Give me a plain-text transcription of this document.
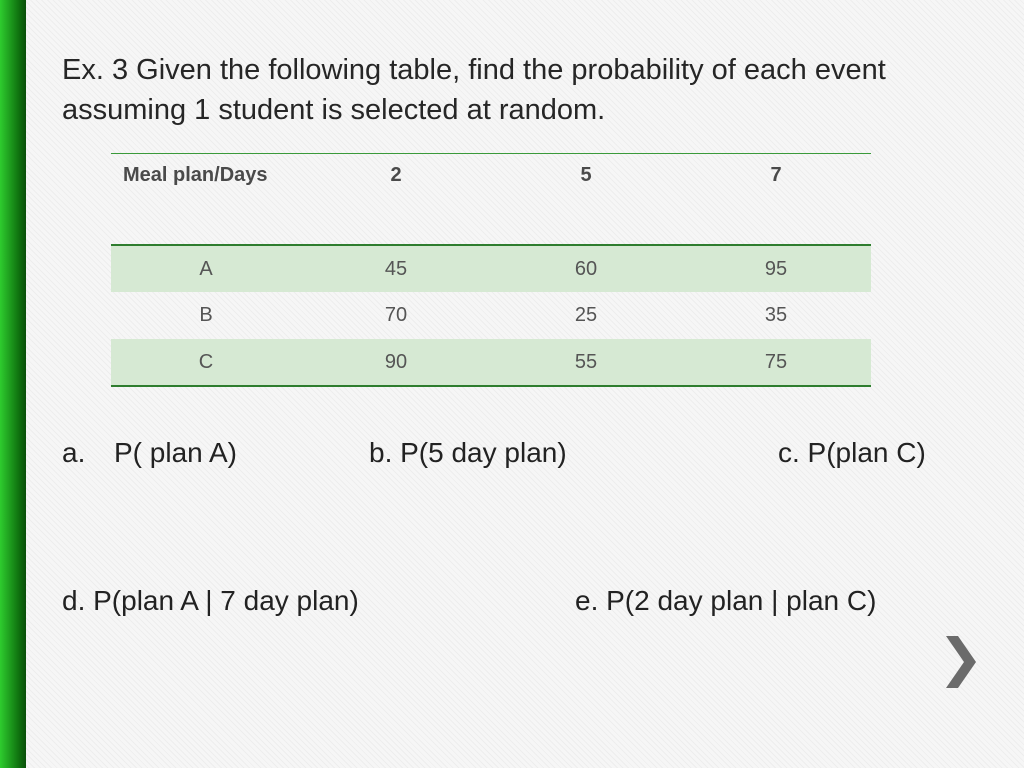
Ex. 3 Given the following table, find the probability of each event assuming 1 student is selected at random.
Meal plan/Days	2	5	7
A	45	60	95
B	70	25	35
C	90	55	75
a. P( plan A)	b. P(5 day plan)	c. P(plan C)
d. P(plan A | 7 day plan)	e. P(2 day plan | plan C)
